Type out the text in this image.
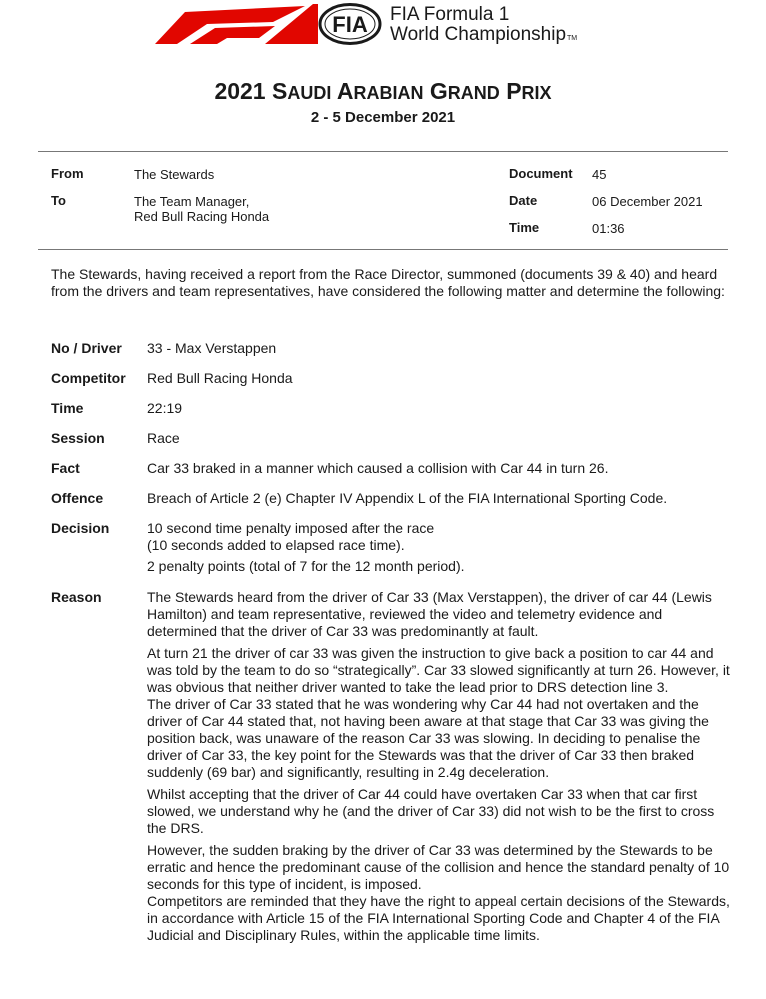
FIA FIA Formula 1
World ChampionshipTM
2021 SAUDI ARABIAN GRAND PRIX
2 - 5 December 2021
From	The Stewards
To	The Team Manager,
Red Bull Racing Honda
Document 45
Date	06 December 2021
Time	01:36
The Stewards, having received a report from the Race Director, summoned (documents 39 & 40) and heard from the drivers and team representatives, have considered the following matter and determine the following:
No / Driver 33 - Max Verstappen
Competitor Red Bull Racing Honda
Time	22:19
Session	Race
Fact	Car 33 braked in a manner which caused a collision with Car 44 in turn 26.
Offence	Breach of Article 2 (e) Chapter IV Appendix L of the FIA International Sporting Code.
Decision	10 second time penalty imposed after the race
(10 seconds added to elapsed race time).
2 penalty points (total of 7 for the 12 month period).
Reason	The Stewards heard from the driver of Car 33 (Max Verstappen), the driver of car 44 (Lewis Hamilton) and team representative, reviewed the video and telemetry evidence and determined that the driver of Car 33 was predominantly at fault.

At turn 21 the driver of car 33 was given the instruction to give back a position to car 44 and was told by the team to do so “strategically”. Car 33 slowed significantly at turn 26. However, it was obvious that neither driver wanted to take the lead prior to DRS detection line 3.

The driver of Car 33 stated that he was wondering why Car 44 had not overtaken and the driver of Car 44 stated that, not having been aware at that stage that Car 33 was giving the position back, was unaware of the reason Car 33 was slowing. In deciding to penalise the driver of Car 33, the key point for the Stewards was that the driver of Car 33 then braked suddenly (69 bar) and significantly, resulting in 2.4g deceleration.

Whilst accepting that the driver of Car 44 could have overtaken Car 33 when that car first slowed, we understand why he (and the driver of Car 33) did not wish to be the first to cross the DRS.

However, the sudden braking by the driver of Car 33 was determined by the Stewards to be erratic and hence the predominant cause of the collision and hence the standard penalty of 10 seconds for this type of incident, is imposed.

Competitors are reminded that they have the right to appeal certain decisions of the Stewards, in accordance with Article 15 of the FIA International Sporting Code and Chapter 4 of the FIA Judicial and Disciplinary Rules, within the applicable time limits.
